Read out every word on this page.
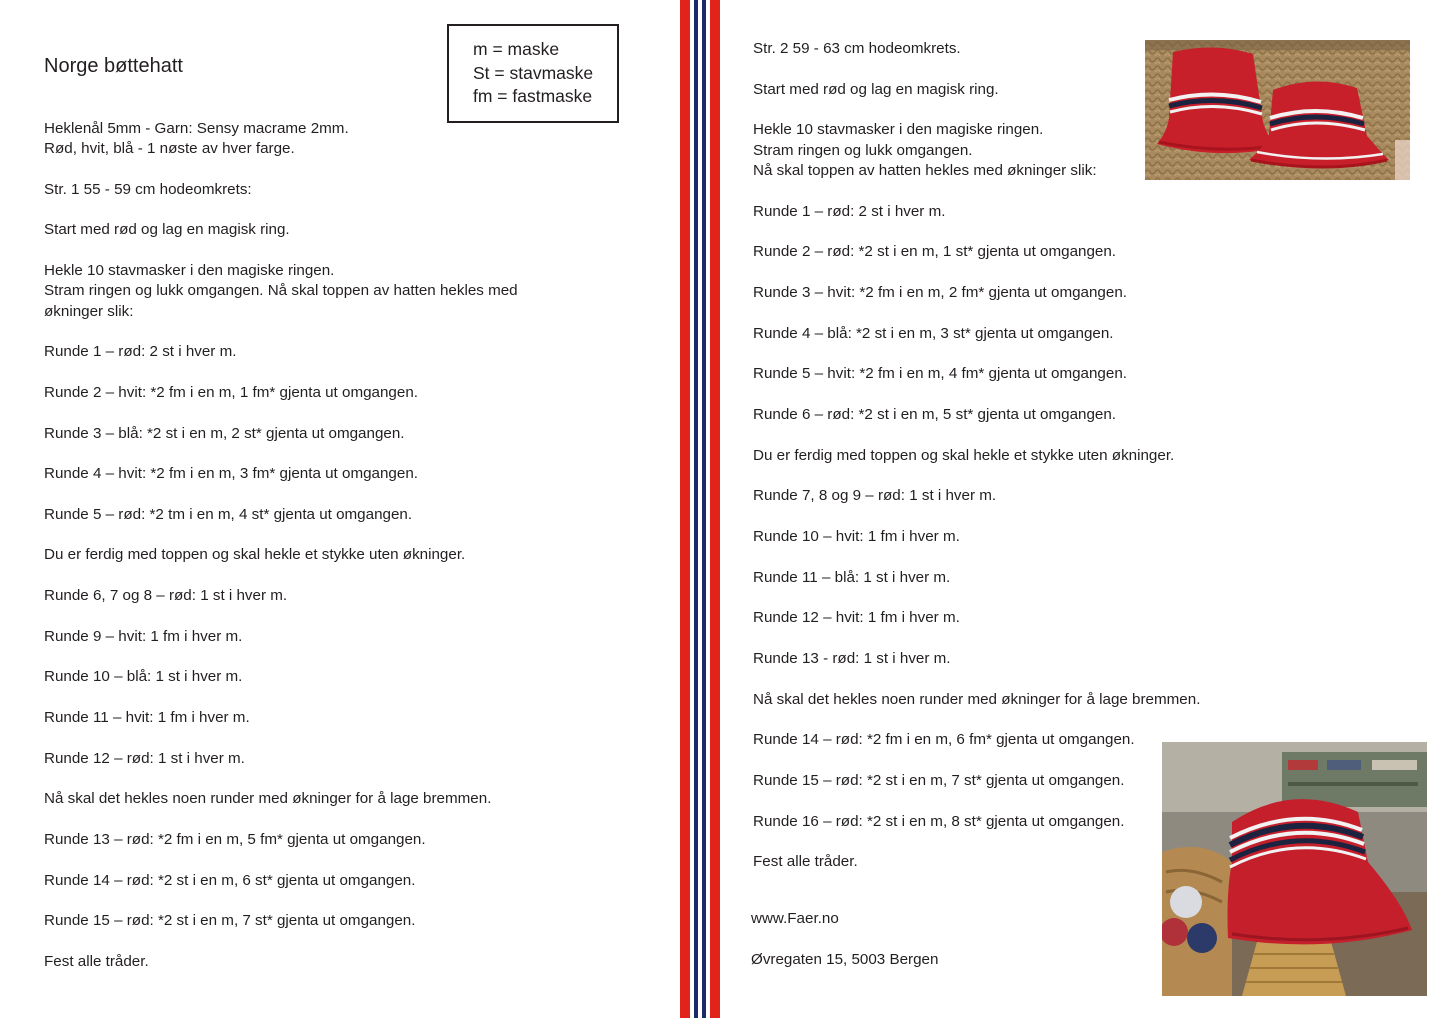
Norge bøttehatt
m = maske
St = stavmaske
fm = fastmaske
Heklenål 5mm - Garn: Sensy macrame 2mm.
Rød, hvit, blå - 1 nøste av hver farge.
Str. 1 55 - 59 cm hodeomkrets:
Start med rød og lag en magisk ring.
Hekle 10 stavmasker i den magiske ringen.
Stram ringen og lukk omgangen. Nå skal toppen av hatten hekles med
økninger slik:
Runde 1 – rød: 2 st i hver m.
Runde 2 – hvit: *2 fm i en m, 1 fm* gjenta ut omgangen.
Runde 3 – blå: *2 st i en m, 2 st* gjenta ut omgangen.
Runde 4 – hvit: *2 fm i en m, 3 fm* gjenta ut omgangen.
Runde 5 – rød: *2 tm i en m, 4 st* gjenta ut omgangen.
Du er ferdig med toppen og skal hekle et stykke uten økninger.
Runde 6, 7 og 8 – rød: 1 st i hver m.
Runde 9 – hvit: 1 fm i hver m.
Runde 10 – blå: 1 st i hver m.
Runde 11 – hvit: 1 fm i hver m.
Runde 12 – rød: 1 st i hver m.
Nå skal det hekles noen runder med økninger for å lage bremmen.
Runde 13 – rød: *2 fm i en m, 5 fm* gjenta ut omgangen.
Runde 14 – rød: *2 st i en m, 6 st* gjenta ut omgangen.
Runde 15 – rød: *2 st i en m, 7 st* gjenta ut omgangen.
Fest alle tråder.
Str. 2 59 - 63 cm hodeomkrets.
Start med rød og lag en magisk ring.
Hekle 10 stavmasker i den magiske ringen.
Stram ringen og lukk omgangen.
Nå skal toppen av hatten hekles med økninger slik:
Runde 1 – rød: 2 st i hver m.
Runde 2 – rød: *2 st i en m, 1 st* gjenta ut omgangen.
Runde 3 – hvit: *2 fm i en m, 2 fm* gjenta ut omgangen.
Runde 4 – blå: *2 st i en m, 3 st* gjenta ut omgangen.
Runde 5 – hvit: *2 fm i en m, 4 fm* gjenta ut omgangen.
Runde 6 – rød: *2 st i en m, 5 st* gjenta ut omgangen.
Du er ferdig med toppen og skal hekle et stykke uten økninger.
Runde 7, 8 og 9 – rød: 1 st i hver m.
Runde 10 – hvit: 1 fm i hver m.
Runde 11 – blå: 1 st i hver m.
Runde 12 – hvit: 1 fm i hver m.
Runde 13 - rød: 1 st i hver m.
Nå skal det hekles noen runder med økninger for å lage bremmen.
Runde 14 – rød: *2 fm i en m, 6 fm* gjenta ut omgangen.
Runde 15 – rød: *2 st i en m, 7 st* gjenta ut omgangen.
Runde 16 – rød: *2 st i en m, 8 st* gjenta ut omgangen.
Fest alle tråder.
www.Faer.no
Øvregaten 15, 5003 Bergen
